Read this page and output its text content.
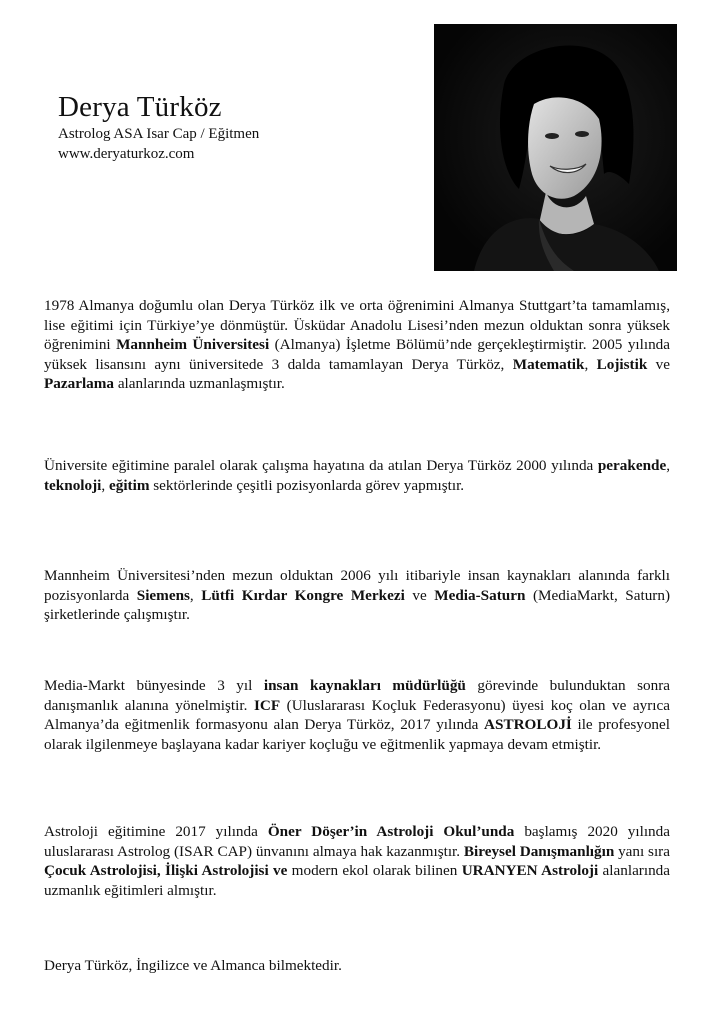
Derya Türköz

Astrolog ASA Isar Cap / Eğitmen

www.deryaturkoz.com

1978 Almanya doğumlu olan Derya Türköz ilk ve orta öğrenimini Almanya Stuttgart’ta tamamlamış, lise eğitimi için Türkiye’ye dönmüştür. Üsküdar Anadolu Lisesi’nden mezun olduktan sonra yüksek öğrenimini Mannheim Üniversitesi (Almanya) İşletme Bölümü’nde gerçekleştirmiştir. 2005 yılında yüksek lisansını aynı üniversitede 3 dalda tamamlayan Derya Türköz, Matematik, Lojistik ve Pazarlama alanlarında uzmanlaşmıştır.

Üniversite eğitimine paralel olarak çalışma hayatına da atılan Derya Türköz 2000 yılında perakende, teknoloji, eğitim sektörlerinde çeşitli pozisyonlarda görev yapmıştır.

Mannheim Üniversitesi’nden mezun olduktan 2006 yılı itibariyle insan kaynakları alanında farklı pozisyonlarda Siemens, Lütfi Kırdar Kongre Merkezi ve Media-Saturn (MediaMarkt, Saturn) şirketlerinde çalışmıştır.

Media-Markt bünyesinde 3 yıl insan kaynakları müdürlüğü görevinde bulunduktan sonra danışmanlık alanına yönelmiştir. ICF (Uluslararası Koçluk Federasyonu) üyesi koç olan ve ayrıca Almanya’da eğitmenlik formasyonu alan Derya Türköz, 2017 yılında ASTROLOJİ ile profesyonel olarak ilgilenmeye başlayana kadar kariyer koçluğu ve eğitmenlik yapmaya devam etmiştir.

Astroloji eğitimine 2017 yılında Öner Döşer’in Astroloji Okul’unda başlamış 2020 yılında uluslararası Astrolog (ISAR CAP) ünvanını almaya hak kazanmıştır. Bireysel Danışmanlığın yanı sıra Çocuk Astrolojisi, İlişki Astrolojisi ve modern ekol olarak bilinen URANYEN Astroloji alanlarında uzmanlık eğitimleri almıştır.

Derya Türköz, İngilizce ve Almanca bilmektedir.
